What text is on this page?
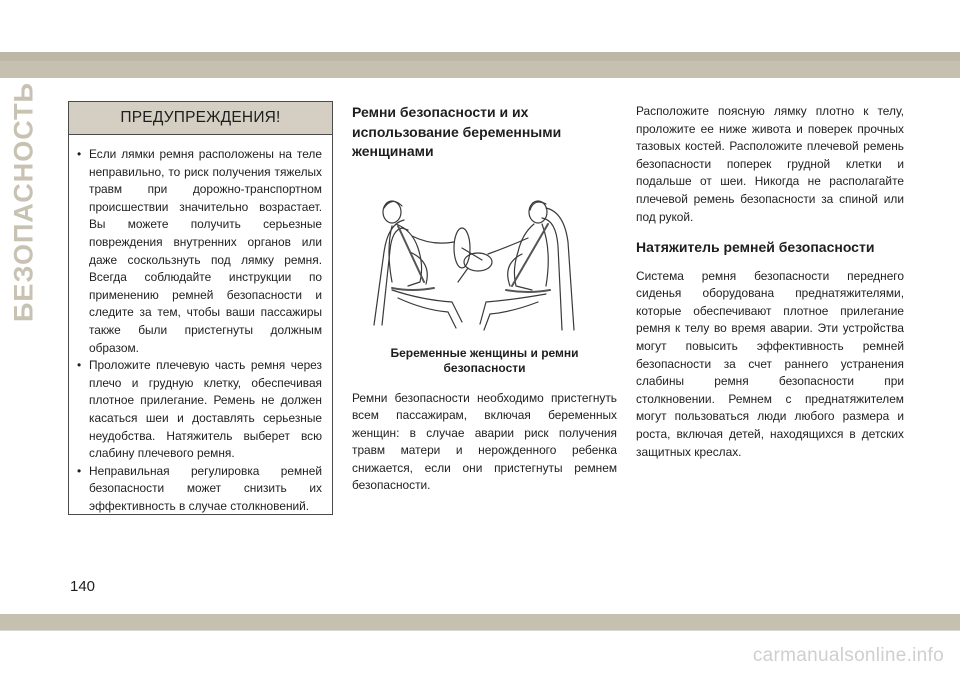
БЕЗОПАСНОСТЬ	ПРЕДУПРЕЖДЕНИЯ!
• Если лямки ремня расположены на теле неправильно, то риск получения тяжелых травм при дорожно-транспортном происшествии значительно возрастает. Вы можете получить серьезные повреждения внутренних органов или даже соскользнуть под лямку ремня. Всегда соблюдайте инструкции по применению ремней безопасности и следите за тем, чтобы ваши пассажиры также были пристегнуты должным образом.
• Проложите плечевую часть ремня через плечо и грудную клетку, обеспечивая плотное прилегание. Ремень не должен касаться шеи и доставлять серьезные неудобства. Натяжитель выберет всю слабину плечевого ремня.
• Неправильная регулировка ремней безопасности может снизить их эффективность в случае столкновений.

Ремни безопасности и их использование беременными женщинами

Беременные женщины и ремни безопасности

Ремни безопасности необходимо пристегнуть всем пассажирам, включая беременных женщин: в случае аварии риск получения травм матери и нерожденного ребенка снижается, если они пристегнуты ремнем безопасности.

Расположите поясную лямку плотно к телу, проложите ее ниже живота и поверек прочных тазовых костей. Расположите плечевой ремень безопасности поперек грудной клетки и подальше от шеи. Никогда не располагайте плечевой ремень безопасности за спиной или под рукой.

Натяжитель ремней безопасности

Система ремня безопасности переднего сиденья оборудована преднатяжителями, которые обеспечивают плотное прилегание ремня к телу во время аварии. Эти устройства могут повысить эффективность ремней безопасности за счет раннего устранения слабины ремня безопасности при столкновении. Ремнем с преднатяжителем могут пользоваться люди любого размера и роста, включая детей, находящихся в детских защитных креслах.

140
carmanualsonline.info
